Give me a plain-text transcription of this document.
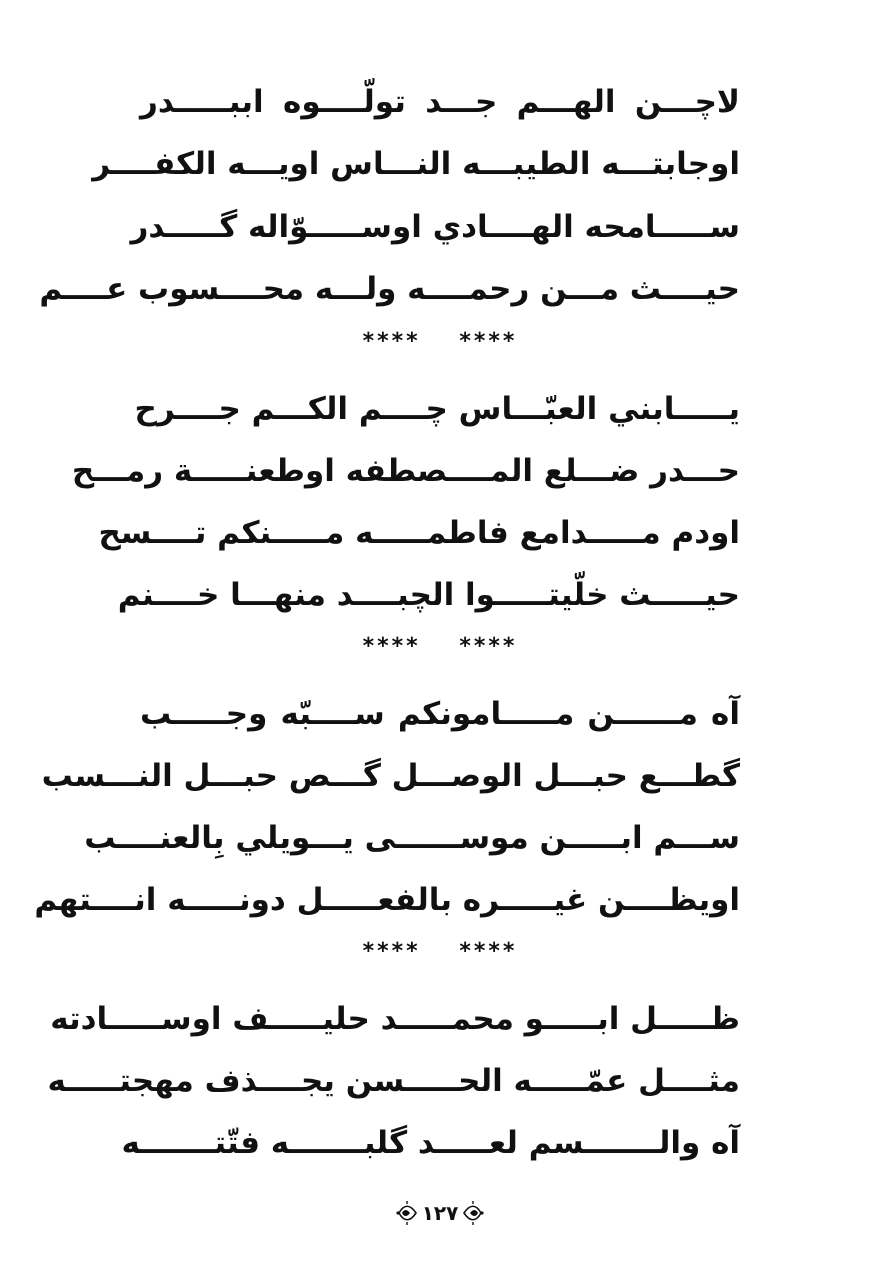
لاچـــن الهـــم جـــد تولّــــوه اببـــــدر
اوجابتـــه الطيبـــه النـــاس اويـــه الكفــــر
ســـــامحه الهــــادي اوســـــوّاله گـــــدر
حيــــث مـــن رحمــــه ولـــه محــــسوب عــــم
**** ****
يـــــابني العبّـــاس چــــم الكـــم جــــرح
حـــدر ضـــلع المــــصطفه اوطعنـــــة رمـــح
اودم مـــــدامع فاطمـــــه مـــــنكم تــــسح
حيـــــث خلّيتـــــوا الچبــــد منهـــا خــــنم
**** ****
آه مــــــن مـــــامونكم ســــبّه وجـــــب
گطـــع حبـــل الوصـــل گـــص حبـــل النـــسب
ســـم ابـــــن موســــــى يـــويلي بِالعنــــب
اويظــــن غيـــــره بالفعـــــل دونـــــه انــــتهم
**** ****
ظـــــل ابـــــو محمـــــد حليـــــف اوســـــادته
مثــــل عمّـــــه الحـــــسن يجــــذف مهجتـــــه
آه والـــــــسم لعـــــد گلبـــــــه فتّتـــــــه
١٢٧
